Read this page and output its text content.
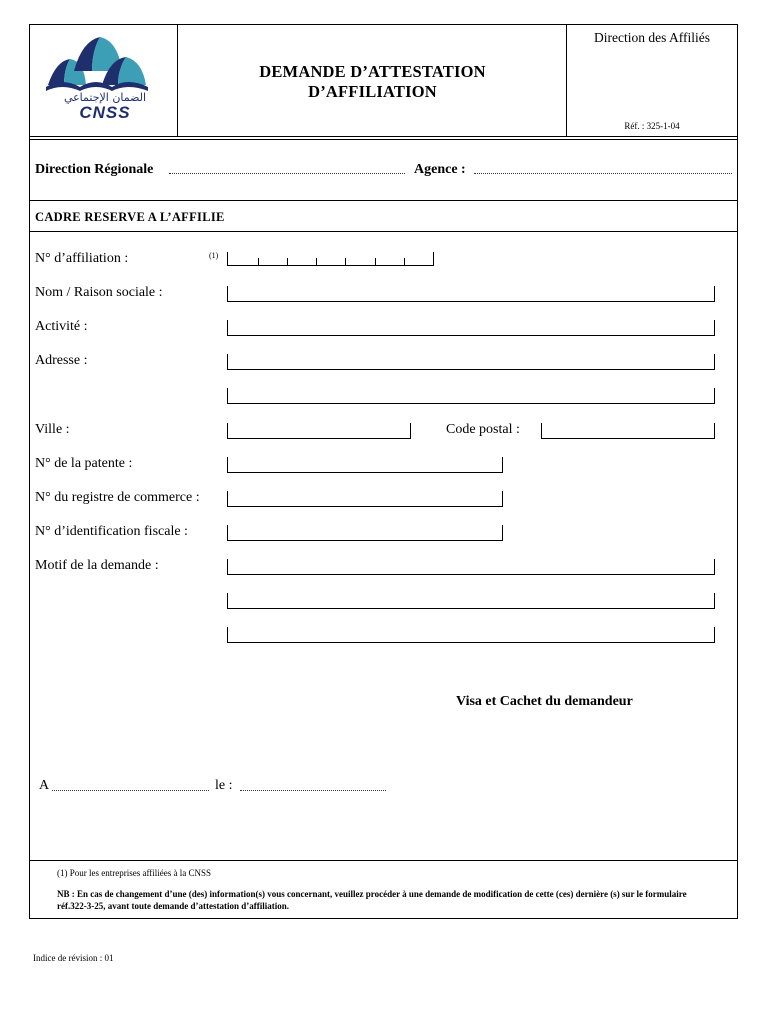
الضمان الإجتماعي
CNSS
DEMANDE D’ATTESTATION
D’AFFILIATION
Direction des Affiliés
Réf. : 325-1-04
Direction Régionale	Agence :
CADRE RESERVE A L’AFFILIE
N° d’affiliation :	(1)
Nom / Raison sociale :
Activité :
Adresse :
Ville :	Code postal :
N° de la patente :
N° du registre de commerce :
N° d’identification fiscale :
Motif de la demande :
Visa et Cachet du demandeur
A	le :
(1) Pour les entreprises affiliées à la CNSS
NB : En cas de changement d’une (des) information(s) vous concernant, veuillez procéder à une demande de modification de cette (ces) dernière (s) sur le formulaire réf.322-3-25, avant toute demande d’attestation d’affiliation.
Indice de révision : 01
